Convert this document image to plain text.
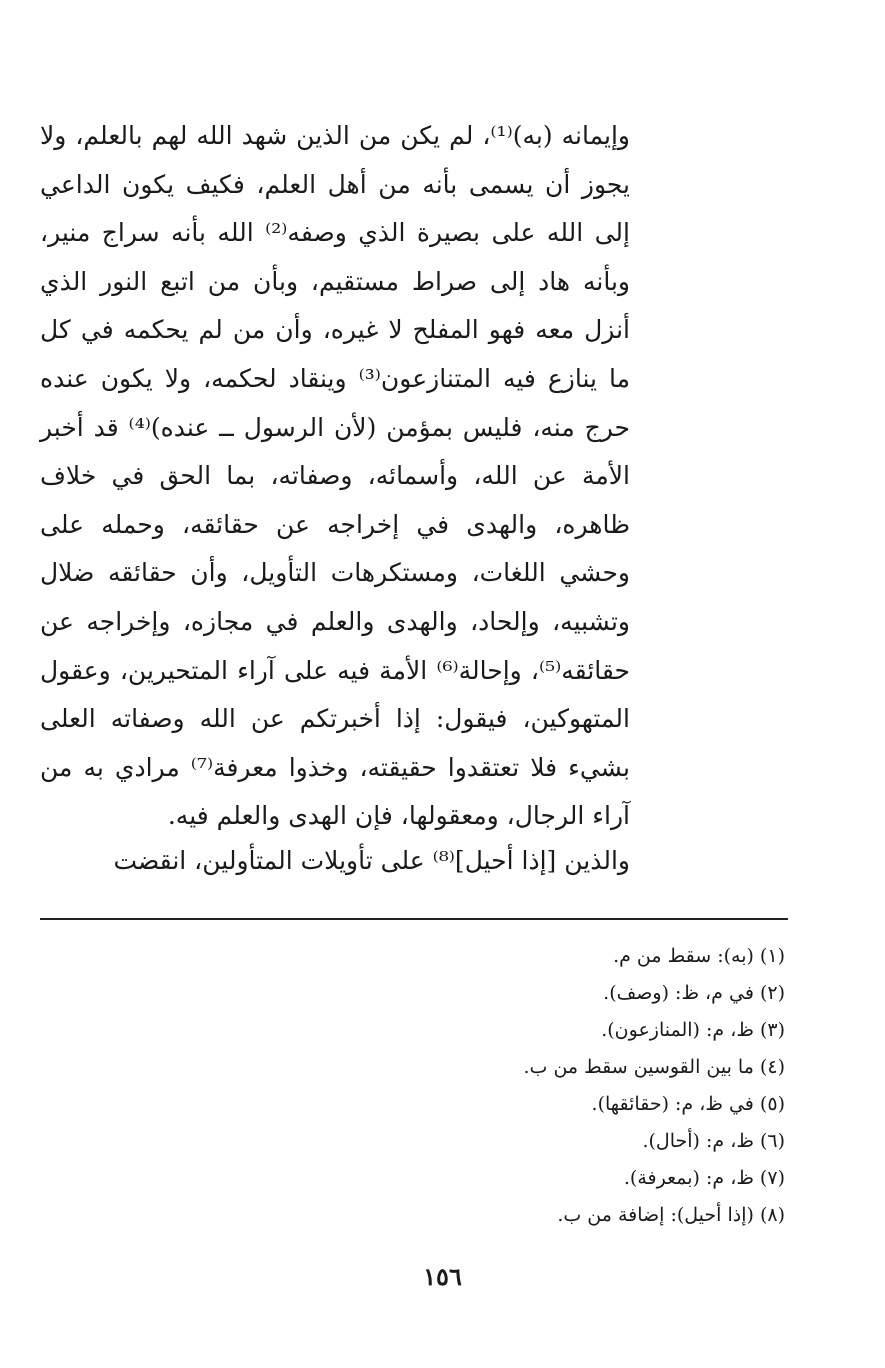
وإيمانه (به)⁽¹⁾، لم يكن من الذين شهد الله لهم بالعلم، ولا يجوز أن يسمى بأنه من أهل العلم، فكيف يكون الداعي إلى الله على بصيرة الذي وصفه⁽²⁾ الله بأنه سراج منير، وبأنه هاد إلى صراط مستقيم، وبأن من اتبع النور الذي أنزل معه فهو المفلح لا غيره، وأن من لم يحكمه في كل ما ينازع فيه المتنازعون⁽³⁾ وينقاد لحكمه، ولا يكون عنده حرج منه، فليس بمؤمن (لأن الرسول ــ عنده)⁽⁴⁾ قد أخبر الأمة عن الله، وأسمائه، وصفاته، بما الحق في خلاف ظاهره، والهدى في إخراجه عن حقائقه، وحمله على وحشي اللغات، ومستكرهات التأويل، وأن حقائقه ضلال وتشبيه، وإلحاد، والهدى والعلم في مجازه، وإخراجه عن حقائقه⁽⁵⁾، وإحالة⁽⁶⁾ الأمة فيه على آراء المتحيرين، وعقول المتهوكين، فيقول: إذا أخبرتكم عن الله وصفاته العلى بشيء فلا تعتقدوا حقيقته، وخذوا معرفة⁽⁷⁾ مرادي به من آراء الرجال، ومعقولها، فإن الهدى والعلم فيه.

والذين [إذا أحيل]⁽⁸⁾ على تأويلات المتأولين، انقضت

(١) (به): سقط من م.
(٢) في م، ظ: (وصف).
(٣) ظ، م: (المنازعون).
(٤) ما بين القوسين سقط من ب.
(٥) في ظ، م: (حقائقها).
(٦) ظ، م: (أحال).
(٧) ظ، م: (بمعرفة).
(٨) (إذا أحيل): إضافة من ب.
١٥٦
